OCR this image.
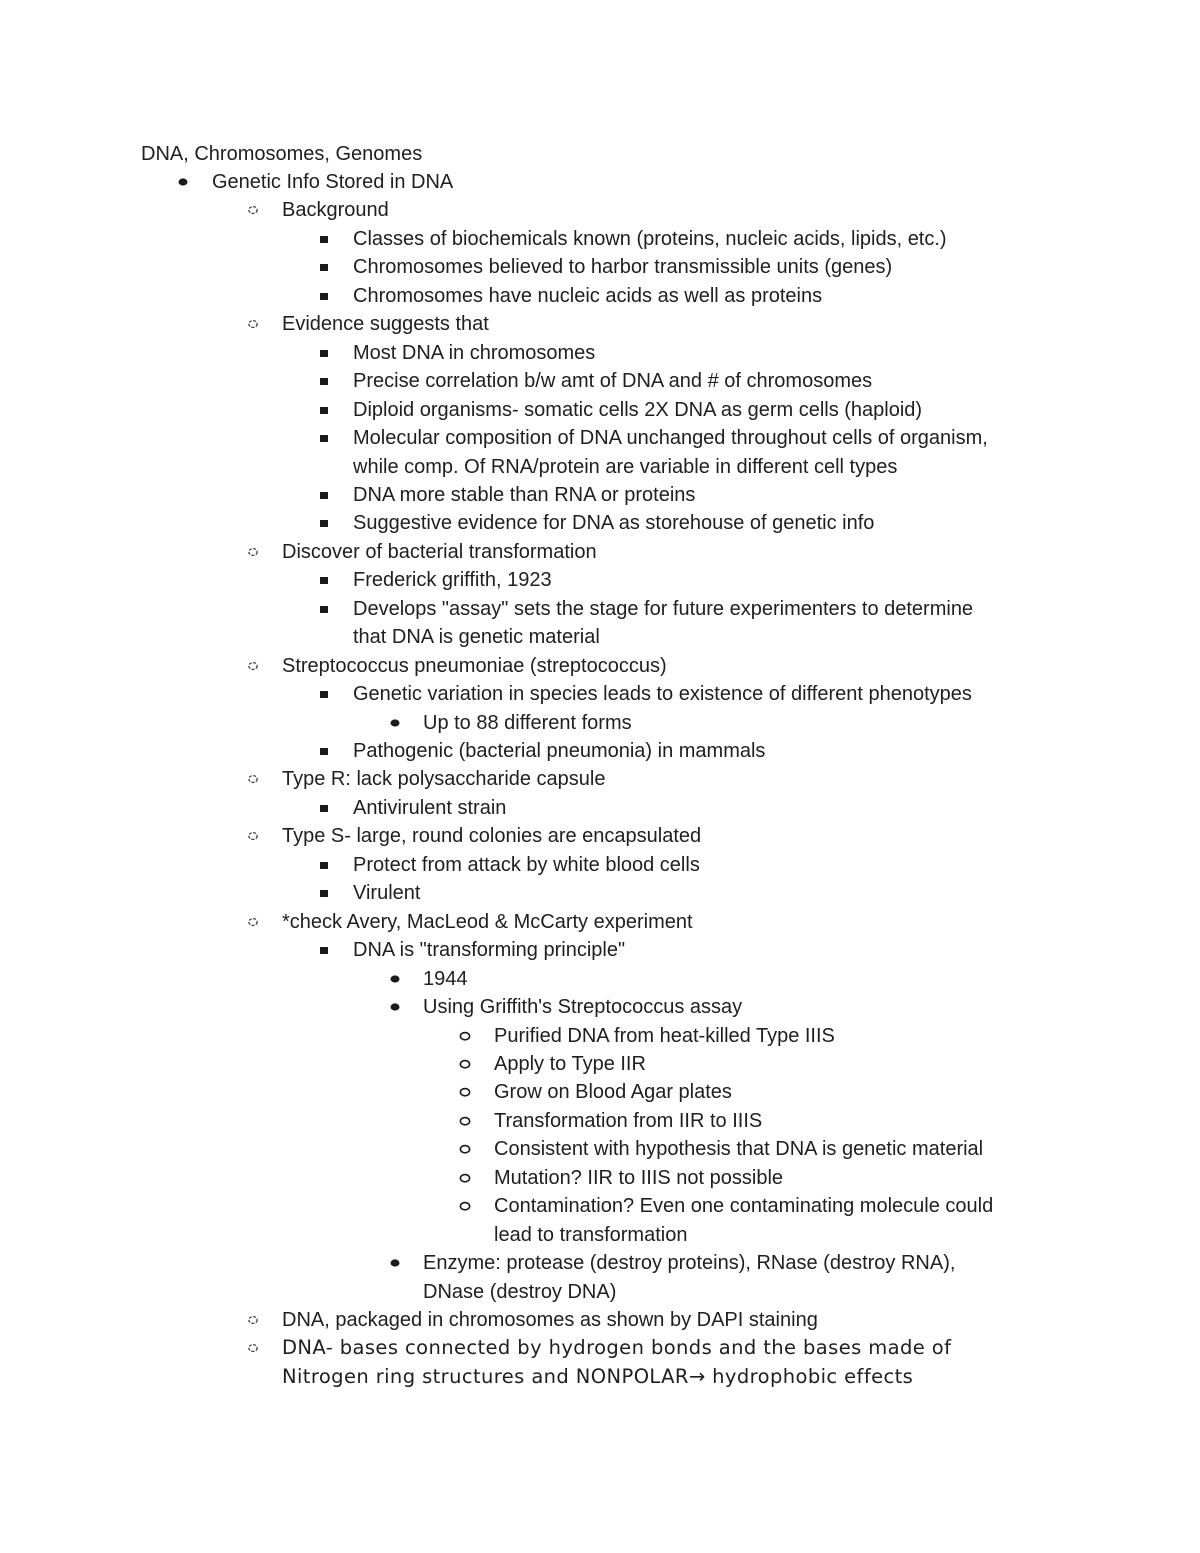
DNA, Chromosomes, Genomes
Genetic Info Stored in DNA
Background
Classes of biochemicals known (proteins, nucleic acids, lipids, etc.)
Chromosomes believed to harbor transmissible units (genes)
Chromosomes have nucleic acids as well as proteins
Evidence suggests that
Most DNA in chromosomes
Precise correlation b/w amt of DNA and # of chromosomes
Diploid organisms- somatic cells 2X DNA as germ cells (haploid)
Molecular composition of DNA unchanged throughout cells of organism,
while comp. Of RNA/protein are variable in different cell types
DNA more stable than RNA or proteins
Suggestive evidence for DNA as storehouse of genetic info
Discover of bacterial transformation
Frederick griffith, 1923
Develops "assay" sets the stage for future experimenters to determine
that DNA is genetic material
Streptococcus pneumoniae (streptococcus)
Genetic variation in species leads to existence of different phenotypes
Up to 88 different forms
Pathogenic (bacterial pneumonia) in mammals
Type R: lack polysaccharide capsule
Antivirulent strain
Type S- large, round colonies are encapsulated
Protect from attack by white blood cells
Virulent
*check Avery, MacLeod & McCarty experiment
DNA is "transforming principle"
1944
Using Griffith's Streptococcus assay
Purified DNA from heat-killed Type IIIS
Apply to Type IIR
Grow on Blood Agar plates
Transformation from IIR to IIIS
Consistent with hypothesis that DNA is genetic material
Mutation? IIR to IIIS not possible
Contamination? Even one contaminating molecule could
lead to transformation
Enzyme: protease (destroy proteins), RNase (destroy RNA),
DNase (destroy DNA)
DNA, packaged in chromosomes as shown by DAPI staining
DNA- bases connected by hydrogen bonds and the bases made of
Nitrogen ring structures and NONPOLAR→ hydrophobic effects
